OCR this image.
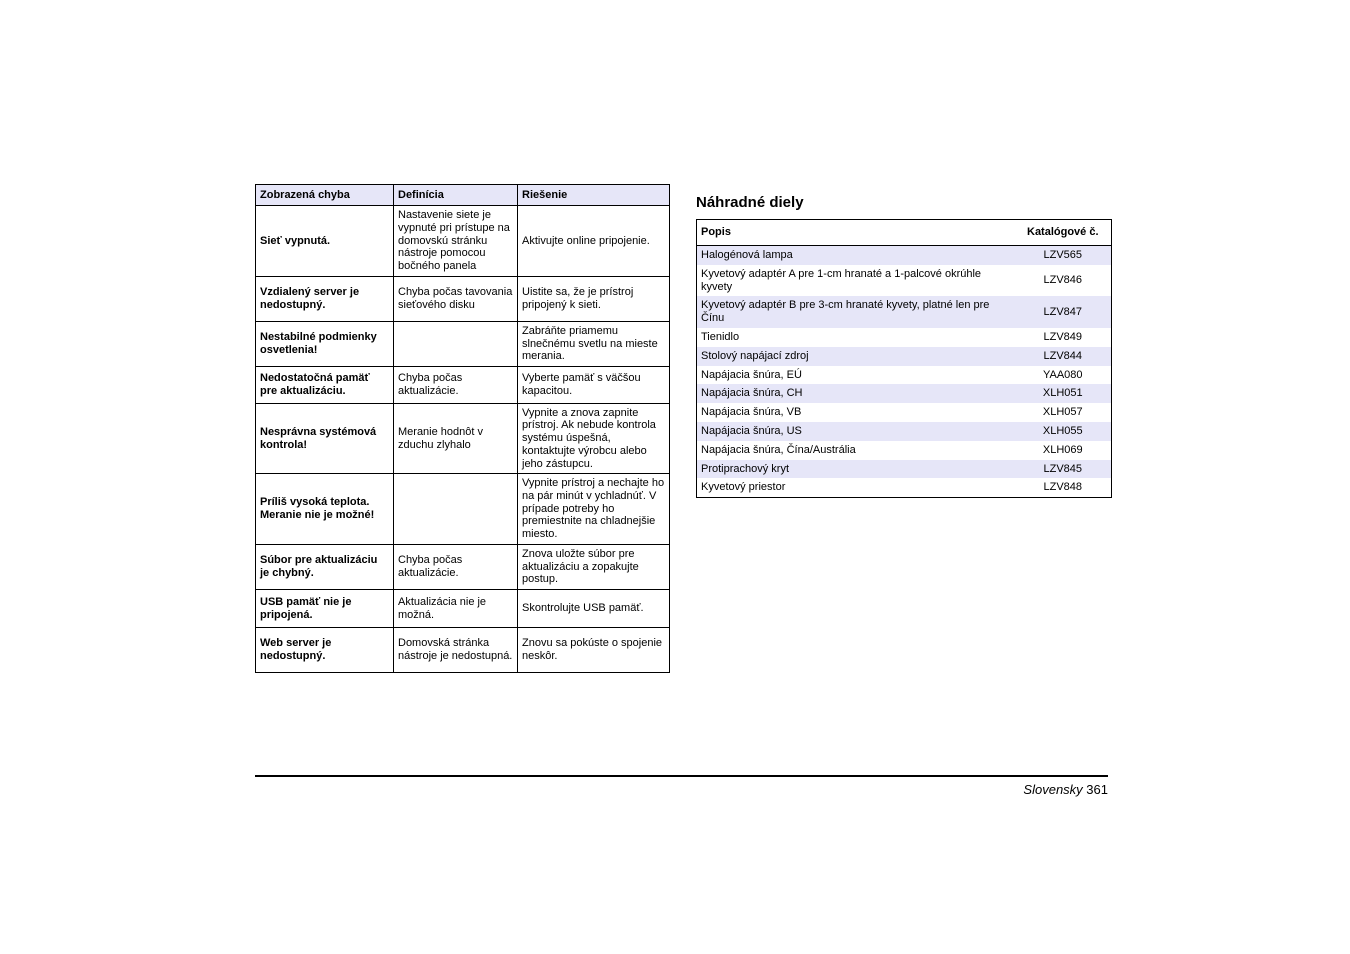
Zobrazená chyba	Definícia	Riešenie
Sieť vypnutá.	Nastavenie siete je vypnuté pri prístupe na domovskú stránku nástroje pomocou bočného panela	Aktivujte online pripojenie.
Vzdialený server je nedostupný.	Chyba počas tavovania sieťového disku	Uistite sa, že je prístroj pripojený k sieti.
Nestabilné podmienky osvetlenia!		Zabráňte priamemu slnečnému svetlu na mieste merania.
Nedostatočná pamäť pre aktualizáciu.	Chyba počas aktualizácie.	Vyberte pamäť s väčšou kapacitou.
Nesprávna systémová kontrola!	Meranie hodnôt v zduchu zlyhalo	Vypnite a znova zapnite prístroj. Ak nebude kontrola systému úspešná, kontaktujte výrobcu alebo jeho zástupcu.
Príliš vysoká teplota. Meranie nie je možné!		Vypnite prístroj a nechajte ho na pár minút v ychladnúť. V prípade potreby ho premiestnite na chladnejšie miesto.
Súbor pre aktualizáciu je chybný.	Chyba počas aktualizácie.	Znova uložte súbor pre aktualizáciu a zopakujte postup.
USB pamäť nie je pripojená.	Aktualizácia nie je možná.	Skontrolujte USB pamäť.
Web server je nedostupný.	Domovská stránka nástroje je nedostupná.	Znovu sa pokúste o spojenie neskôr.
Náhradné diely
Popis	Katalógové č.
Halogénová lampa	LZV565
Kyvetový adaptér A pre 1-cm hranaté a 1-palcové okrúhle kyvety	LZV846
Kyvetový adaptér B pre 3-cm hranaté kyvety, platné len pre Čínu	LZV847
Tienidlo	LZV849
Stolový napájací zdroj	LZV844
Napájacia šnúra, EÚ	YAA080
Napájacia šnúra, CH	XLH051
Napájacia šnúra, VB	XLH057
Napájacia šnúra, US	XLH055
Napájacia šnúra, Čína/Austrália	XLH069
Protiprachový kryt	LZV845
Kyvetový priestor	LZV848
Slovensky 361
